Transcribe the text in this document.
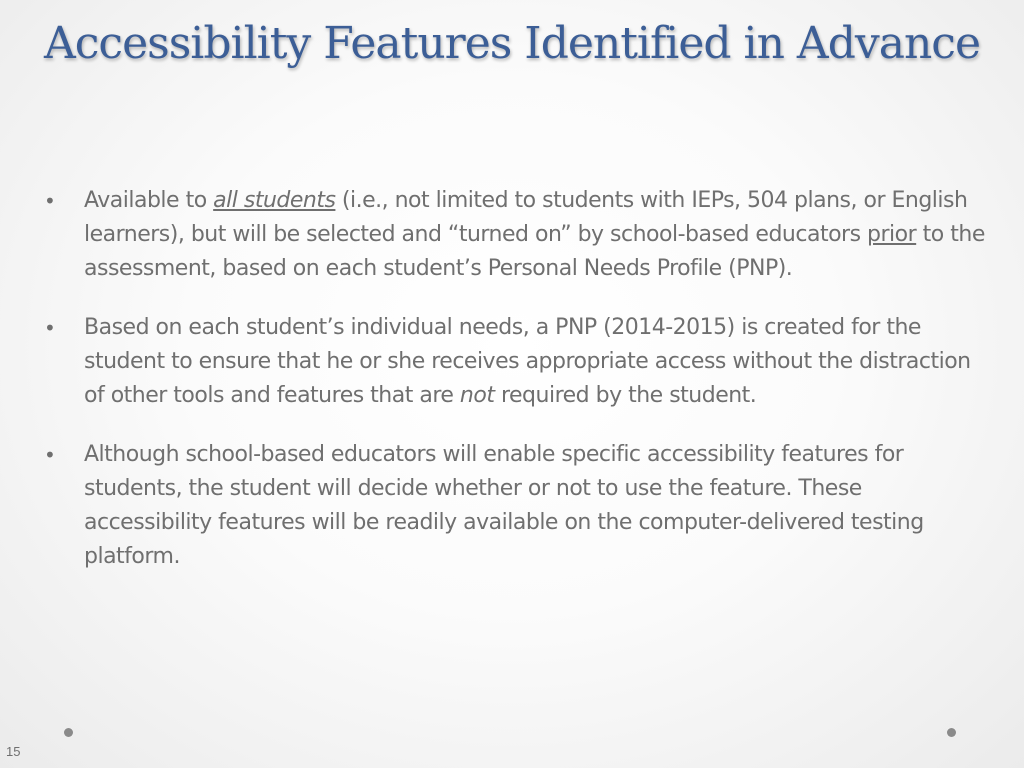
Accessibility Features Identified in Advance
• Available to all students (i.e., not limited to students with IEPs, 504 plans, or English learners), but will be selected and “turned on” by school-based educators prior to the assessment, based on each student’s Personal Needs Profile (PNP).
• Based on each student’s individual needs, a PNP (2014-2015) is created for the student to ensure that he or she receives appropriate access without the distraction of other tools and features that are not required by the student.
• Although school-based educators will enable specific accessibility features for students, the student will decide whether or not to use the feature. These accessibility features will be readily available on the computer-delivered testing platform.
15
